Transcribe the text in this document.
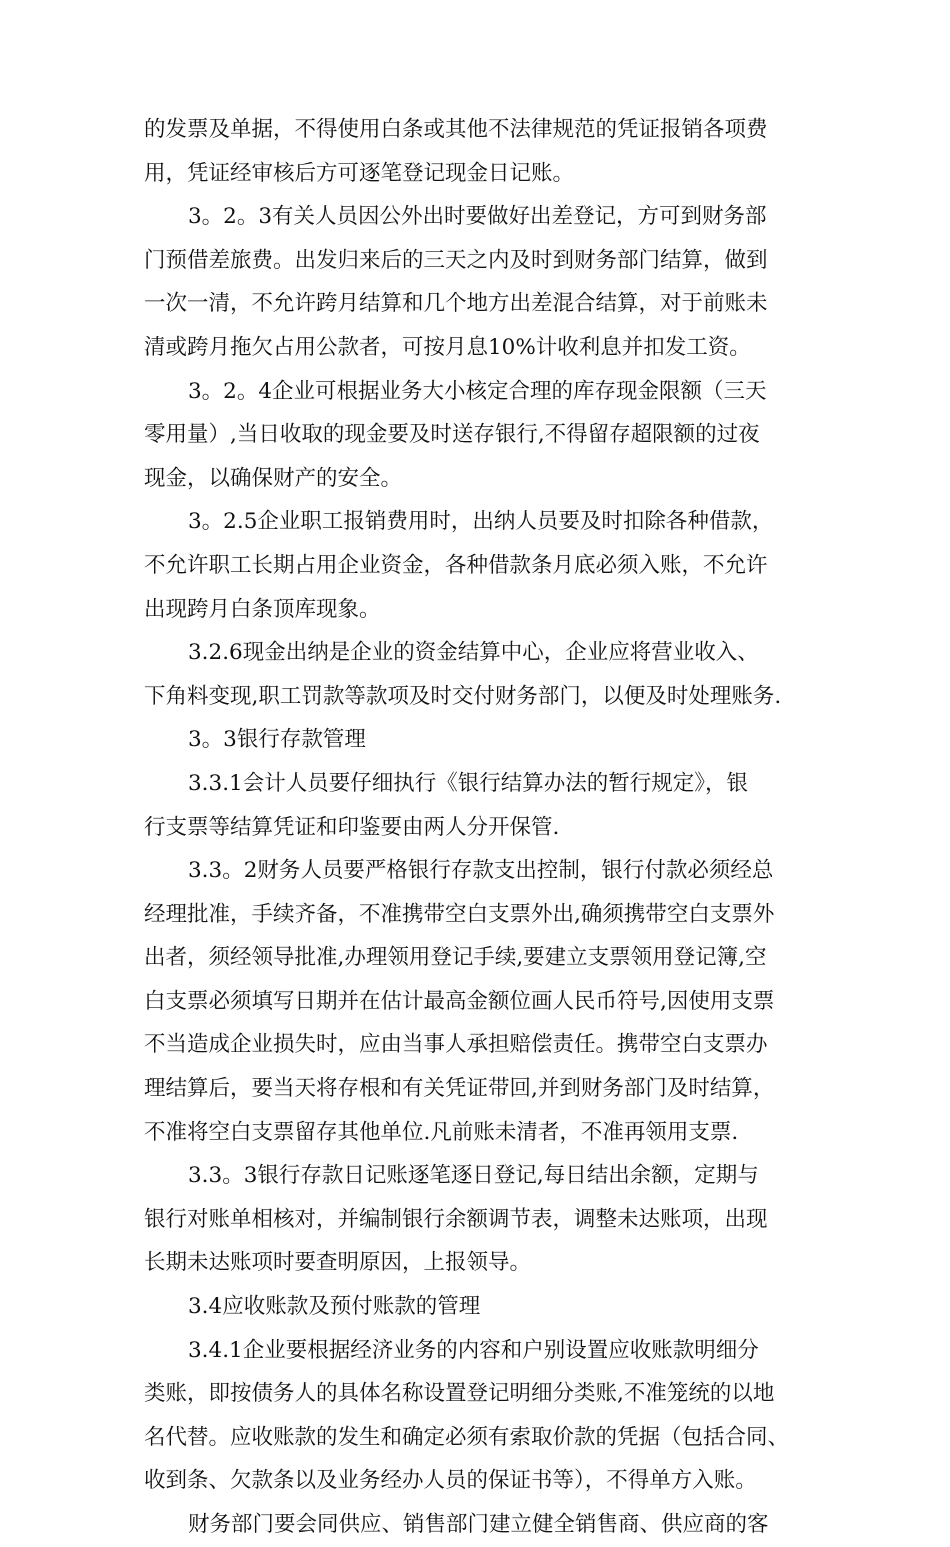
的发票及单据，不得使用白条或其他不法律规范的凭证报销各项费
用，凭证经审核后方可逐笔登记现金日记账。
3。2。3有关人员因公外出时要做好出差登记，方可到财务部
门预借差旅费。出发归来后的三天之内及时到财务部门结算，做到
一次一清，不允许跨月结算和几个地方出差混合结算，对于前账未
清或跨月拖欠占用公款者，可按月息10%计收利息并扣发工资。
3。2。4企业可根据业务大小核定合理的库存现金限额（三天
零用量）,当日收取的现金要及时送存银行,不得留存超限额的过夜
现金，以确保财产的安全。
3。2.5企业职工报销费用时，出纳人员要及时扣除各种借款，
不允许职工长期占用企业资金，各种借款条月底必须入账，不允许
出现跨月白条顶库现象。
3.2.6现金出纳是企业的资金结算中心，企业应将营业收入、
下角料变现,职工罚款等款项及时交付财务部门，以便及时处理账务.
3。3银行存款管理
3.3.1会计人员要仔细执行《银行结算办法的暂行规定》，银
行支票等结算凭证和印鉴要由两人分开保管.
3.3。2财务人员要严格银行存款支出控制，银行付款必须经总
经理批准，手续齐备，不准携带空白支票外出,确须携带空白支票外
出者，须经领导批准,办理领用登记手续,要建立支票领用登记簿,空
白支票必须填写日期并在估计最高金额位画人民币符号,因使用支票
不当造成企业损失时，应由当事人承担赔偿责任。携带空白支票办
理结算后，要当天将存根和有关凭证带回,并到财务部门及时结算，
不准将空白支票留存其他单位.凡前账未清者，不准再领用支票.
3.3。3银行存款日记账逐笔逐日登记,每日结出余额，定期与
银行对账单相核对，并编制银行余额调节表，调整未达账项，出现
长期未达账项时要查明原因，上报领导。
3.4应收账款及预付账款的管理
3.4.1企业要根据经济业务的内容和户别设置应收账款明细分
类账，即按债务人的具体名称设置登记明细分类账,不准笼统的以地
名代替。应收账款的发生和确定必须有索取价款的凭据（包括合同、
收到条、欠款条以及业务经办人员的保证书等），不得单方入账。
财务部门要会同供应、销售部门建立健全销售商、供应商的客
